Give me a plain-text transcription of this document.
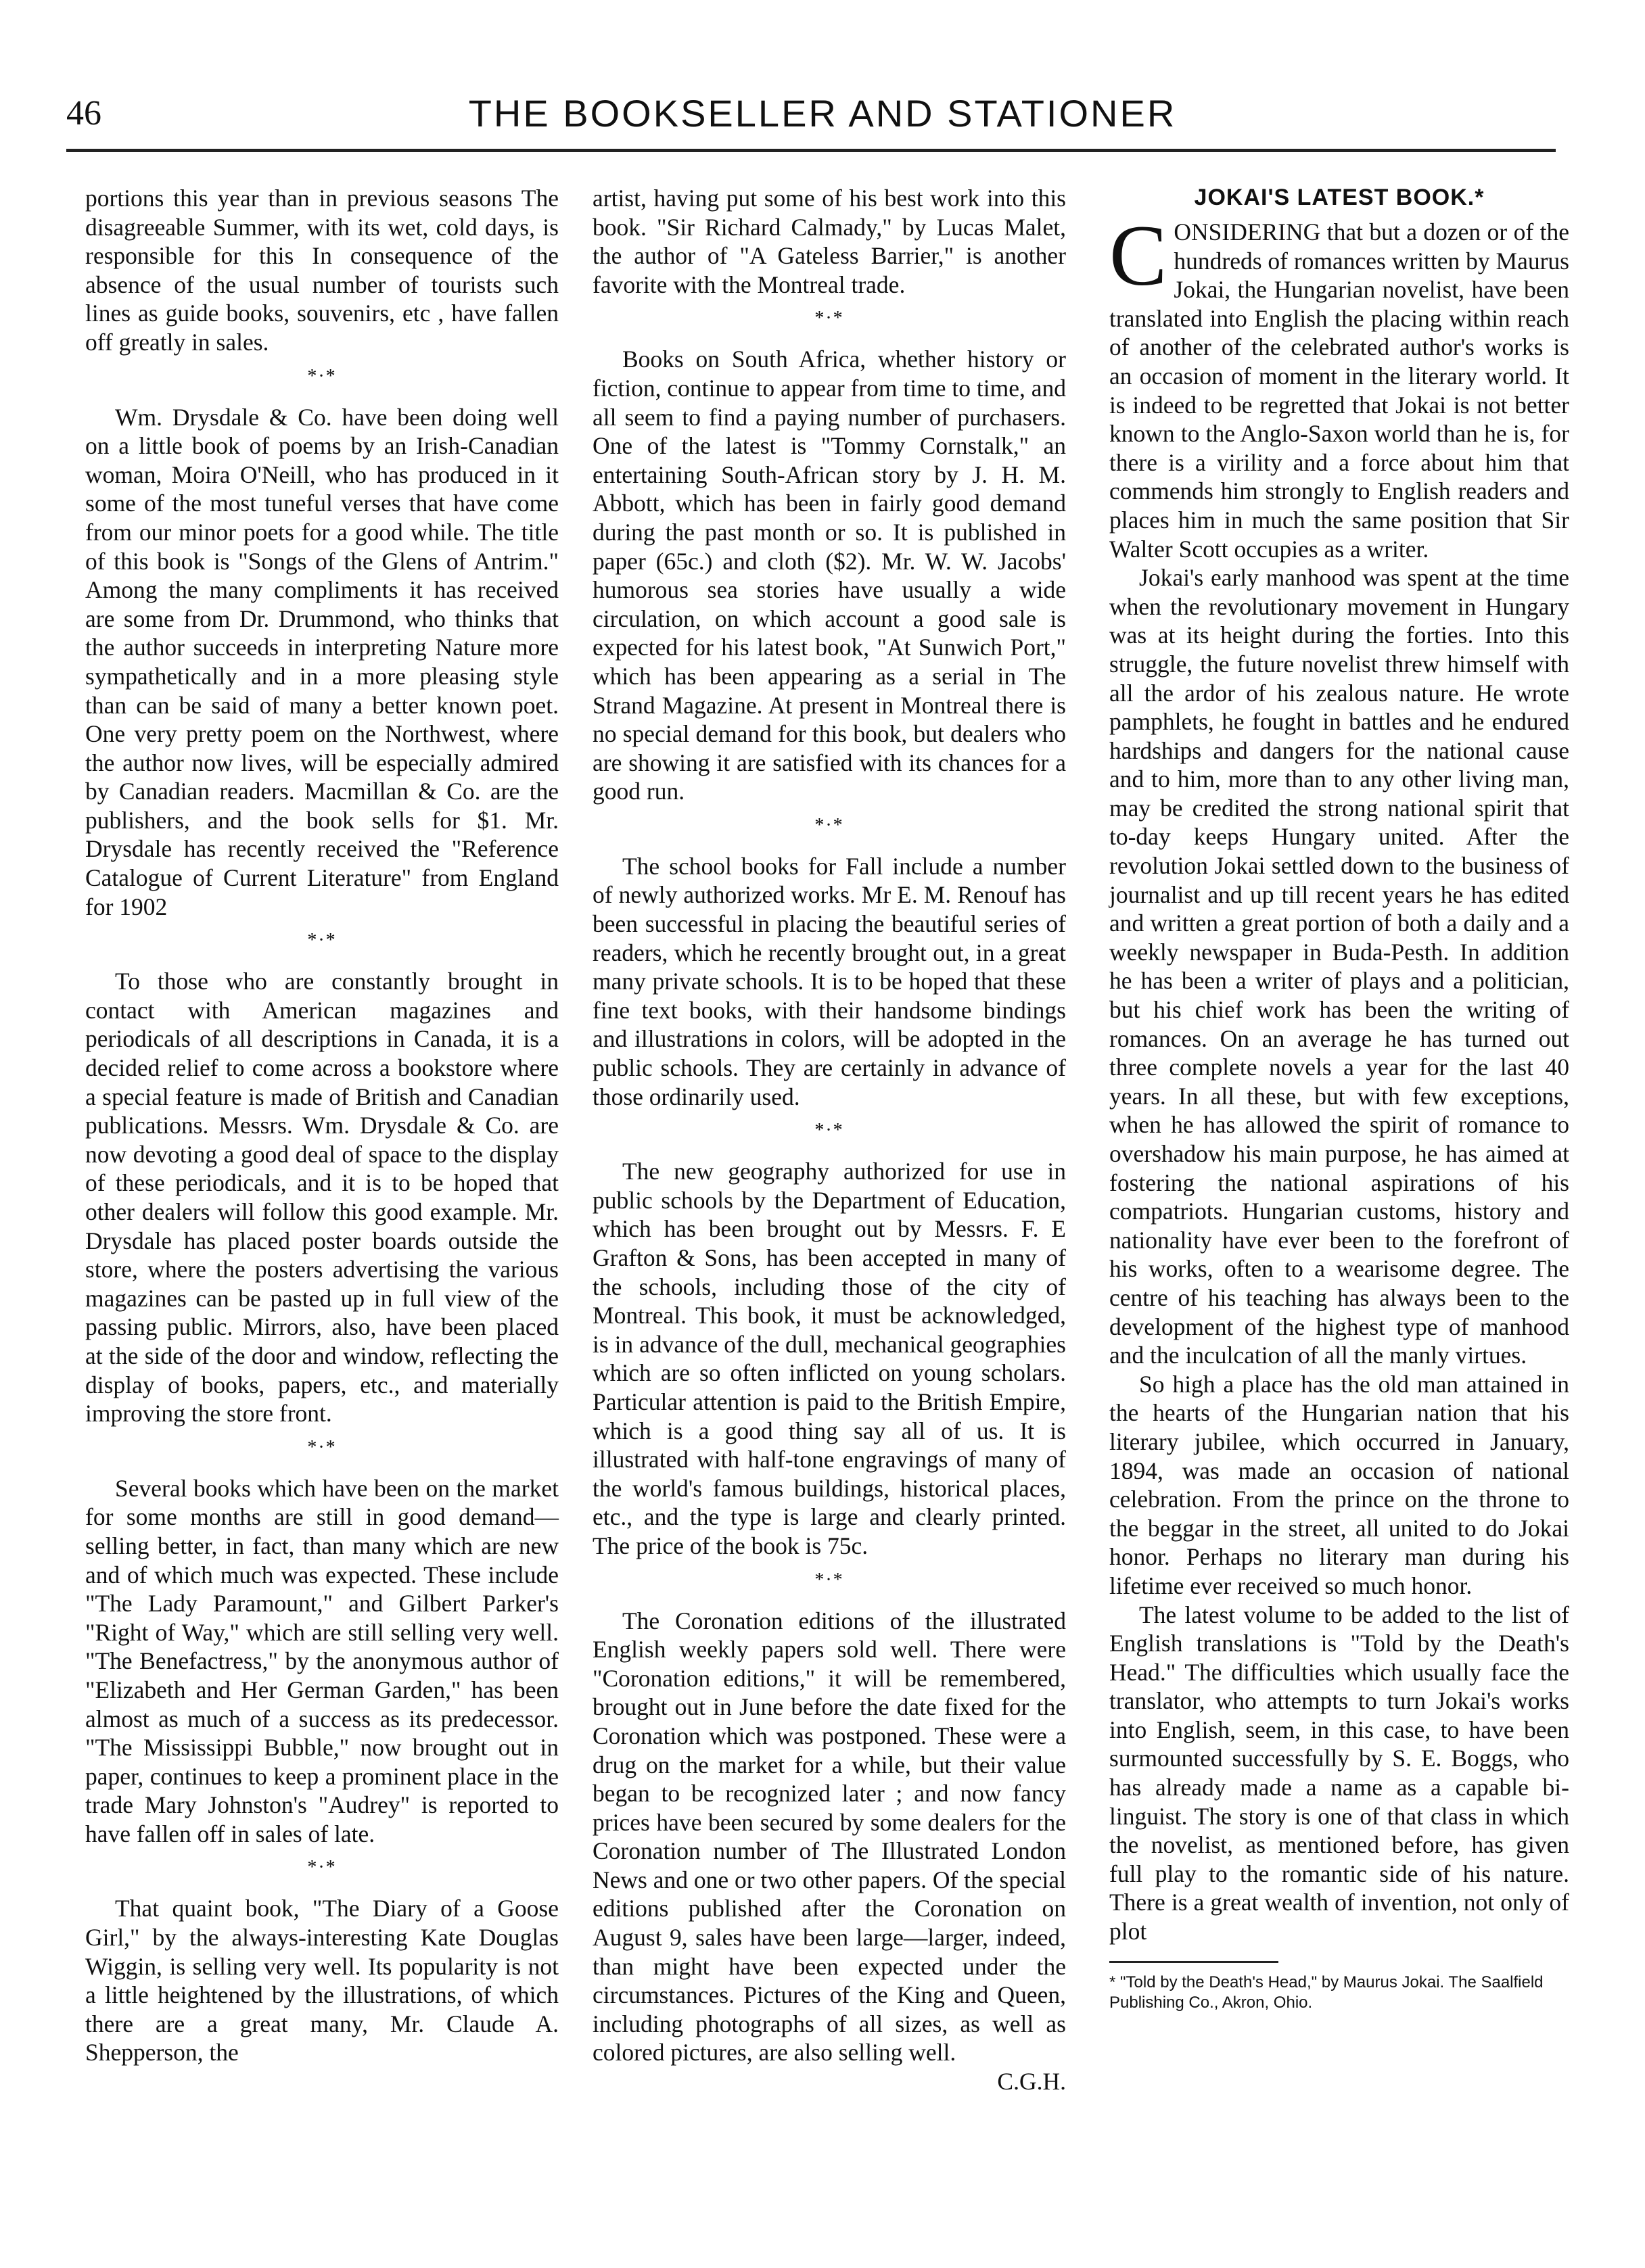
46	THE BOOKSELLER AND STATIONER

portions this year than in previous seasons The disagreeable Summer, with its wet, cold days, is responsible for this In consequence of the absence of the usual number of tourists such lines as guide books, souvenirs, etc , have fallen off greatly in sales.

*·*

Wm. Drysdale & Co. have been doing well on a little book of poems by an Irish-Canadian woman, Moira O'Neill, who has produced in it some of the most tuneful verses that have come from our minor poets for a good while. The title of this book is "Songs of the Glens of Antrim." Among the many compliments it has received are some from Dr. Drummond, who thinks that the author succeeds in interpreting Nature more sympathetically and in a more pleasing style than can be said of many a better known poet. One very pretty poem on the Northwest, where the author now lives, will be especially admired by Canadian readers. Macmillan & Co. are the publishers, and the book sells for $1. Mr. Drysdale has recently received the "Reference Catalogue of Current Literature" from England for 1902

*·*

To those who are constantly brought in contact with American magazines and periodicals of all descriptions in Canada, it is a decided relief to come across a bookstore where a special feature is made of British and Canadian publications. Messrs. Wm. Drysdale & Co. are now devoting a good deal of space to the display of these periodicals, and it is to be hoped that other dealers will follow this good example. Mr. Drysdale has placed poster boards outside the store, where the posters advertising the various magazines can be pasted up in full view of the passing public. Mirrors, also, have been placed at the side of the door and window, reflecting the display of books, papers, etc., and materially improving the store front.

*·*

Several books which have been on the market for some months are still in good demand—selling better, in fact, than many which are new and of which much was expected. These include "The Lady Paramount," and Gilbert Parker's "Right of Way," which are still selling very well. "The Benefactress," by the anonymous author of "Elizabeth and Her German Garden," has been almost as much of a success as its predecessor. "The Mississippi Bubble," now brought out in paper, continues to keep a prominent place in the trade Mary Johnston's "Audrey" is reported to have fallen off in sales of late.

*·*

That quaint book, "The Diary of a Goose Girl," by the always-interesting Kate Douglas Wiggin, is selling very well. Its popularity is not a little heightened by the illustrations, of which there are a great many, Mr. Claude A. Shepperson, the

artist, having put some of his best work into this book. "Sir Richard Calmady," by Lucas Malet, the author of "A Gateless Barrier," is another favorite with the Montreal trade.

*·*

Books on South Africa, whether history or fiction, continue to appear from time to time, and all seem to find a paying number of purchasers. One of the latest is "Tommy Cornstalk," an entertaining South-African story by J. H. M. Abbott, which has been in fairly good demand during the past month or so. It is published in paper (65c.) and cloth ($2). Mr. W. W. Jacobs' humorous sea stories have usually a wide circulation, on which account a good sale is expected for his latest book, "At Sunwich Port," which has been appearing as a serial in The Strand Magazine. At present in Montreal there is no special demand for this book, but dealers who are showing it are satisfied with its chances for a good run.

*·*

The school books for Fall include a number of newly authorized works. Mr E. M. Renouf has been successful in placing the beautiful series of readers, which he recently brought out, in a great many private schools. It is to be hoped that these fine text books, with their handsome bindings and illustrations in colors, will be adopted in the public schools. They are certainly in advance of those ordinarily used.

*·*

The new geography authorized for use in public schools by the Department of Education, which has been brought out by Messrs. F. E Grafton & Sons, has been accepted in many of the schools, including those of the city of Montreal. This book, it must be acknowledged, is in advance of the dull, mechanical geographies which are so often inflicted on young scholars. Particular attention is paid to the British Empire, which is a good thing say all of us. It is illustrated with half-tone engravings of many of the world's famous buildings, historical places, etc., and the type is large and clearly printed. The price of the book is 75c.

*·*

The Coronation editions of the illustrated English weekly papers sold well. There were "Coronation editions," it will be remembered, brought out in June before the date fixed for the Coronation which was postponed. These were a drug on the market for a while, but their value began to be recognized later ; and now fancy prices have been secured by some dealers for the Coronation number of The Illustrated London News and one or two other papers. Of the special editions published after the Coronation on August 9, sales have been large—larger, indeed, than might have been expected under the circumstances. Pictures of the King and Queen, including photographs of all sizes, as well as colored pictures, are also selling well.

C.G.H.
JOKAI'S LATEST BOOK.*

CONSIDERING that but a dozen or of the hundreds of romances written by Maurus Jokai, the Hungarian novelist, have been translated into English the placing within reach of another of the celebrated author's works is an occasion of moment in the literary world. It is indeed to be regretted that Jokai is not better known to the Anglo-Saxon world than he is, for there is a virility and a force about him that commends him strongly to English readers and places him in much the same position that Sir Walter Scott occupies as a writer.

Jokai's early manhood was spent at the time when the revolutionary movement in Hungary was at its height during the forties. Into this struggle, the future novelist threw himself with all the ardor of his zealous nature. He wrote pamphlets, he fought in battles and he endured hardships and dangers for the national cause and to him, more than to any other living man, may be credited the strong national spirit that to-day keeps Hungary united. After the revolution Jokai settled down to the business of journalist and up till recent years he has edited and written a great portion of both a daily and a weekly newspaper in Buda-Pesth. In addition he has been a writer of plays and a politician, but his chief work has been the writing of romances. On an average he has turned out three complete novels a year for the last 40 years. In all these, but with few exceptions, when he has allowed the spirit of romance to overshadow his main purpose, he has aimed at fostering the national aspirations of his compatriots. Hungarian customs, history and nationality have ever been to the forefront of his works, often to a wearisome degree. The centre of his teaching has always been to the development of the highest type of manhood and the inculcation of all the manly virtues.

So high a place has the old man attained in the hearts of the Hungarian nation that his literary jubilee, which occurred in January, 1894, was made an occasion of national celebration. From the prince on the throne to the beggar in the street, all united to do Jokai honor. Perhaps no literary man during his lifetime ever received so much honor.

The latest volume to be added to the list of English translations is "Told by the Death's Head." The difficulties which usually face the translator, who attempts to turn Jokai's works into English, seem, in this case, to have been surmounted successfully by S. E. Boggs, who has already made a name as a capable bi-linguist. The story is one of that class in which the novelist, as mentioned before, has given full play to the romantic side of his nature. There is a great wealth of invention, not only of plot

* "Told by the Death's Head," by Maurus Jokai. The Saalfield Publishing Co., Akron, Ohio.
